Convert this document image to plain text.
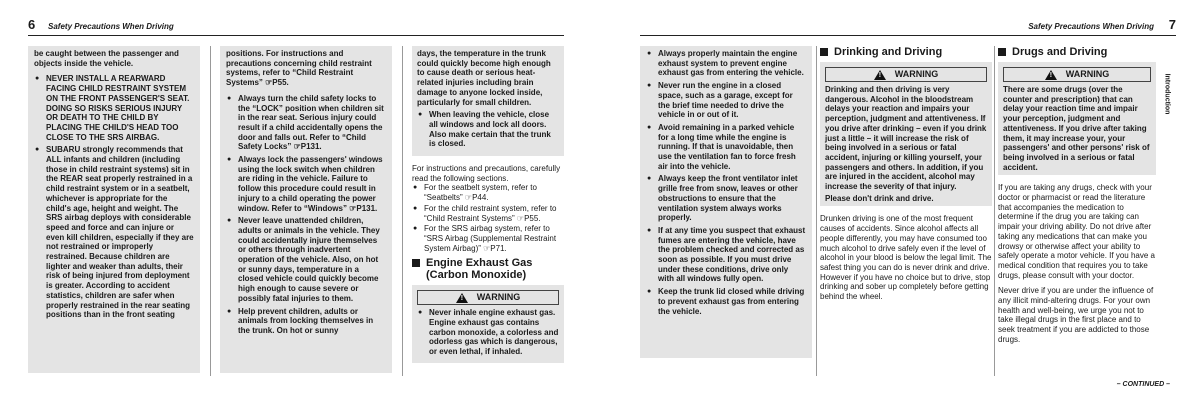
6 Safety Precautions When Driving
be caught between the passenger and objects inside the vehicle.
● NEVER INSTALL A REARWARD FACING CHILD RESTRAINT SYSTEM ON THE FRONT PASSENGER'S SEAT. DOING SO RISKS SERIOUS INJURY OR DEATH TO THE CHILD BY PLACING THE CHILD'S HEAD TOO CLOSE TO THE SRS AIRBAG.
● SUBARU strongly recommends that ALL infants and children (including those in child restraint systems) sit in the REAR seat properly restrained in a child restraint system or in a seatbelt, whichever is appropriate for the child's age, height and weight. The SRS airbag deploys with considerable speed and force and can injure or even kill children, especially if they are not restrained or improperly restrained. Because children are lighter and weaker than adults, their risk of being injured from deployment is greater. According to accident statistics, children are safer when properly restrained in the rear seating positions than in the front seating
positions. For instructions and precautions concerning child restraint systems, refer to “Child Restraint Systems” ☞P55.
● Always turn the child safety locks to the “LOCK” position when children sit in the rear seat. Serious injury could result if a child accidentally opens the door and falls out. Refer to “Child Safety Locks” ☞P131.
● Always lock the passengers' windows using the lock switch when children are riding in the vehicle. Failure to follow this procedure could result in injury to a child operating the power window. Refer to “Windows” ☞P131.
● Never leave unattended children, adults or animals in the vehicle. They could accidentally injure themselves or others through inadvertent operation of the vehicle. Also, on hot or sunny days, temperature in a closed vehicle could quickly become high enough to cause severe or possibly fatal injuries to them.
● Help prevent children, adults or animals from locking themselves in the trunk. On hot or sunny
days, the temperature in the trunk could quickly become high enough to cause death or serious heat-related injuries including brain damage to anyone locked inside, particularly for small children.
● When leaving the vehicle, close all windows and lock all doors. Also make certain that the trunk is closed.
For instructions and precautions, carefully read the following sections.
● For the seatbelt system, refer to “Seatbelts” ☞P44.
● For the child restraint system, refer to “Child Restraint Systems” ☞P55.
● For the SRS airbag system, refer to “SRS Airbag (Supplemental Restraint System Airbag)” ☞P71.
Engine Exhaust Gas (Carbon Monoxide)
!
WARNING
● Never inhale engine exhaust gas. Engine exhaust gas contains carbon monoxide, a colorless and odorless gas which is dangerous, or even lethal, if inhaled.
Safety Precautions When Driving 7
● Always properly maintain the engine exhaust system to prevent engine exhaust gas from entering the vehicle.
● Never run the engine in a closed space, such as a garage, except for the brief time needed to drive the vehicle in or out of it.
● Avoid remaining in a parked vehicle for a long time while the engine is running. If that is unavoidable, then use the ventilation fan to force fresh air into the vehicle.
● Always keep the front ventilator inlet grille free from snow, leaves or other obstructions to ensure that the ventilation system always works properly.
● If at any time you suspect that exhaust fumes are entering the vehicle, have the problem checked and corrected as soon as possible. If you must drive under these conditions, drive only with all windows fully open.
● Keep the trunk lid closed while driving to prevent exhaust gas from entering the vehicle.
Drinking and Driving
!
WARNING
Drinking and then driving is very dangerous. Alcohol in the bloodstream delays your reaction and impairs your perception, judgment and attentiveness. If you drive after drinking – even if you drink just a little – it will increase the risk of being involved in a serious or fatal accident, injuring or killing yourself, your passengers and others. In addition, if you are injured in the accident, alcohol may increase the severity of that injury.
Please don't drink and drive.
Drunken driving is one of the most frequent causes of accidents. Since alcohol affects all people differently, you may have consumed too much alcohol to drive safely even if the level of alcohol in your blood is below the legal limit. The safest thing you can do is never drink and drive. However if you have no choice but to drive, stop drinking and sober up completely before getting behind the wheel.
Drugs and Driving
!
WARNING
There are some drugs (over the counter and prescription) that can delay your reaction time and impair your perception, judgment and attentiveness. If you drive after taking them, it may increase your, your passengers' and other persons' risk of being involved in a serious or fatal accident.
If you are taking any drugs, check with your doctor or pharmacist or read the literature that accompanies the medication to determine if the drug you are taking can impair your driving ability. Do not drive after taking any medications that can make you drowsy or otherwise affect your ability to safely operate a motor vehicle. If you have a medical condition that requires you to take drugs, please consult with your doctor.
Never drive if you are under the influence of any illicit mind-altering drugs. For your own health and well-being, we urge you not to take illegal drugs in the first place and to seek treatment if you are addicted to those drugs.
Introduction
– CONTINUED –
